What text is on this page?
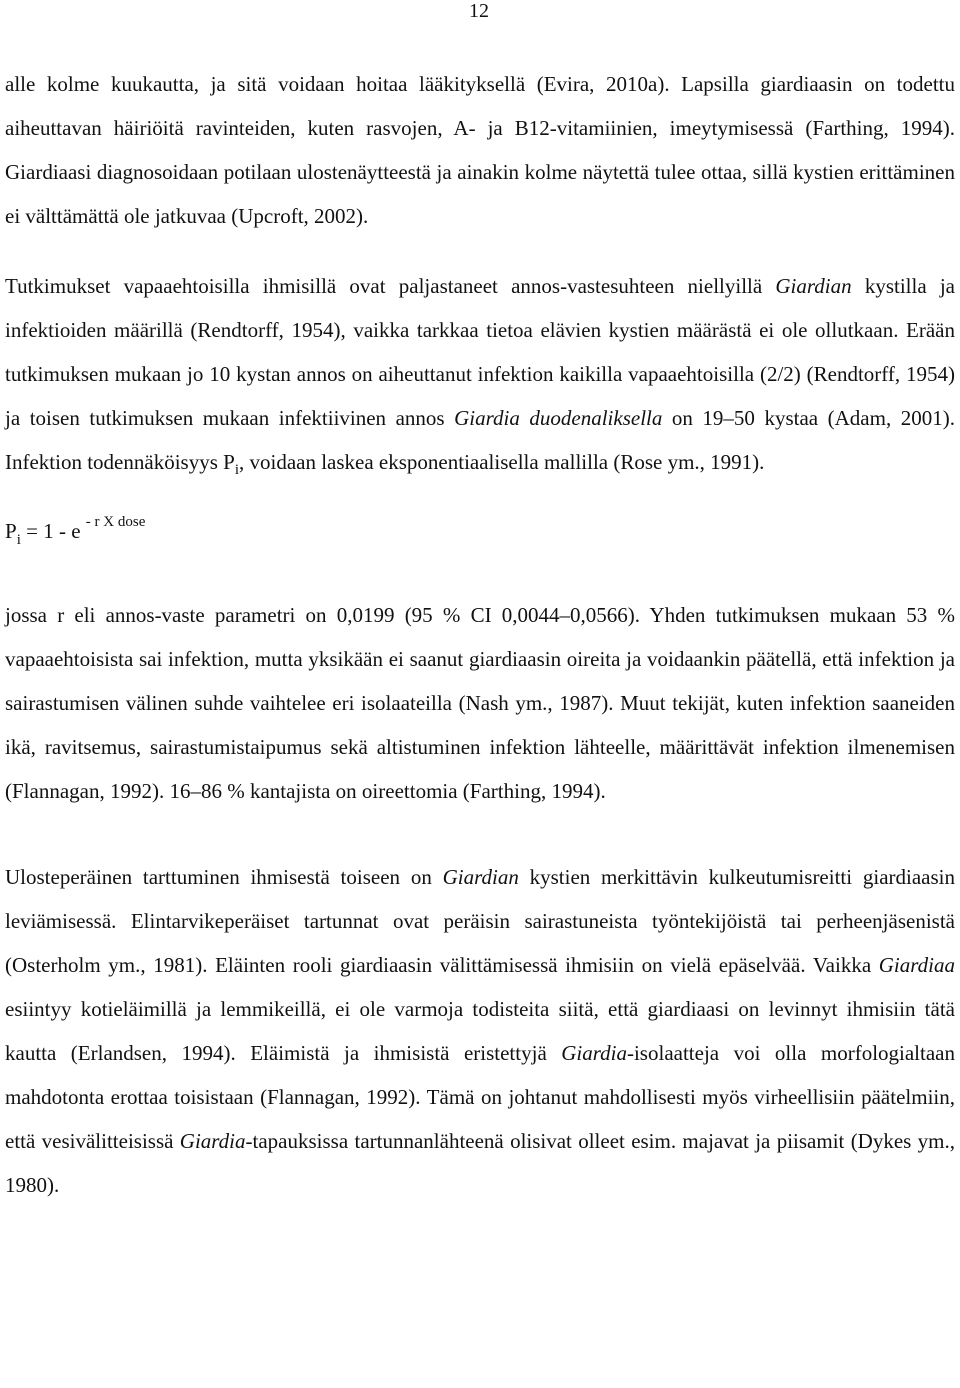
12

alle kolme kuukautta, ja sitä voidaan hoitaa lääkityksellä (Evira, 2010a). Lapsilla giardiaasin on todettu aiheuttavan häiriöitä ravinteiden, kuten rasvojen, A- ja B12-vitamiinien, imeytymisessä (Farthing, 1994). Giardiaasi diagnosoidaan potilaan ulostenäytteestä ja ainakin kolme näytettä tulee ottaa, sillä kystien erittäminen ei välttämättä ole jatkuvaa (Upcroft, 2002).

Tutkimukset vapaaehtoisilla ihmisillä ovat paljastaneet annos-vastesuhteen niellyillä Giardian kystilla ja infektioiden määrillä (Rendtorff, 1954), vaikka tarkkaa tietoa elävien kystien määrästä ei ole ollutkaan. Erään tutkimuksen mukaan jo 10 kystan annos on aiheuttanut infektion kaikilla vapaaehtoisilla (2/2) (Rendtorff, 1954) ja toisen tutkimuksen mukaan infektiivinen annos Giardia duodenaliksella on 19–50 kystaa (Adam, 2001). Infektion todennäköisyys $P_i$, voidaan laskea eksponentiaalisella mallilla (Rose ym., 1991).

$P_i = 1 - e$ $^{- r X dose}$

jossa r eli annos-vaste parametri on 0,0199 (95 % CI 0,0044–0,0566). Yhden tutkimuksen mukaan 53 % vapaaehtoisista sai infektion, mutta yksikään ei saanut giardiaasin oireita ja voidaankin päätellä, että infektion ja sairastumisen välinen suhde vaihtelee eri isolaateilla (Nash ym., 1987). Muut tekijät, kuten infektion saaneiden ikä, ravitsemus, sairastumistaipumus sekä altistuminen infektion lähteelle, määrittävät infektion ilmenemisen (Flannagan, 1992). 16–86 % kantajista on oireettomia (Farthing, 1994).

Ulosteperäinen tarttuminen ihmisestä toiseen on Giardian kystien merkittävin kulkeutumisreitti giardiaasin leviämisessä. Elintarvikeperäiset tartunnat ovat peräisin sairastuneista työntekijöistä tai perheenjäsenistä (Osterholm ym., 1981). Eläinten rooli giardiaasin välittämisessä ihmisiin on vielä epäselvää. Vaikka Giardiaa esiintyy kotieläimillä ja lemmikeillä, ei ole varmoja todisteita siitä, että giardiaasi on levinnyt ihmisiin tätä kautta (Erlandsen, 1994). Eläimistä ja ihmisistä eristettyjä Giardia-isolaatteja voi olla morfologialtaan mahdotonta erottaa toisistaan (Flannagan, 1992). Tämä on johtanut mahdollisesti myös virheellisiin päätelmiin, että vesivälitteisissä Giardia-tapauksissa tartunnanlähteenä olisivat olleet esim. majavat ja piisamit (Dykes ym., 1980).
